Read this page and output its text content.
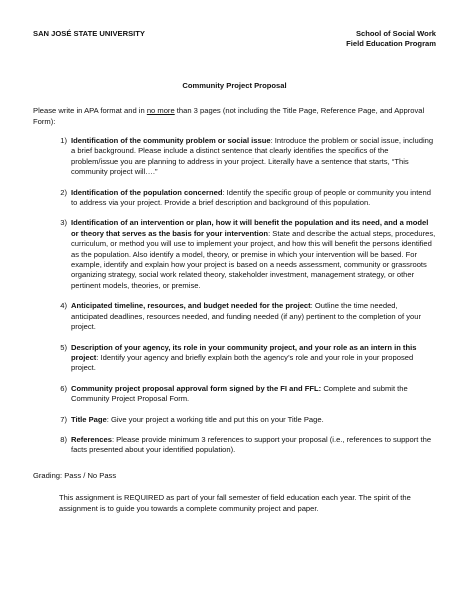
SAN JOSÉ STATE UNIVERSITY	School of Social Work
Field Education Program
Community Project Proposal
Please write in APA format and in no more than 3 pages (not including the Title Page, Reference Page, and Approval Form):
1) Identification of the community problem or social issue: Introduce the problem or social issue, including a brief background. Please include a distinct sentence that clearly identifies the specifics of the problem/issue you are planning to address in your project. Literally have a sentence that starts, “This community project will….”
2) Identification of the population concerned: Identify the specific group of people or community you intend to address via your project. Provide a brief description and background of this population.
3) Identification of an intervention or plan, how it will benefit the population and its need, and a model or theory that serves as the basis for your intervention: State and describe the actual steps, procedures, curriculum, or method you will use to implement your project, and how this will benefit the persons identified as the population. Also identify a model, theory, or premise in which your intervention will be based. For example, identify and explain how your project is based on a needs assessment, community or grassroots organizing strategy, social work related theory, stakeholder investment, management strategy, or other pertinent models, theories, or premise.
4) Anticipated timeline, resources, and budget needed for the project: Outline the time needed, anticipated deadlines, resources needed, and funding needed (if any) pertinent to the completion of your project.
5) Description of your agency, its role in your community project, and your role as an intern in this project: Identify your agency and briefly explain both the agency’s role and your role in your proposed project.
6) Community project proposal approval form signed by the FI and FFL: Complete and submit the Community Project Proposal Form.
7) Title Page: Give your project a working title and put this on your Title Page.
8) References: Please provide minimum 3 references to support your proposal (i.e., references to support the facts presented about your identified population).
Grading: Pass / No Pass
This assignment is REQUIRED as part of your fall semester of field education each year. The spirit of the assignment is to guide you towards a complete community project and paper.
